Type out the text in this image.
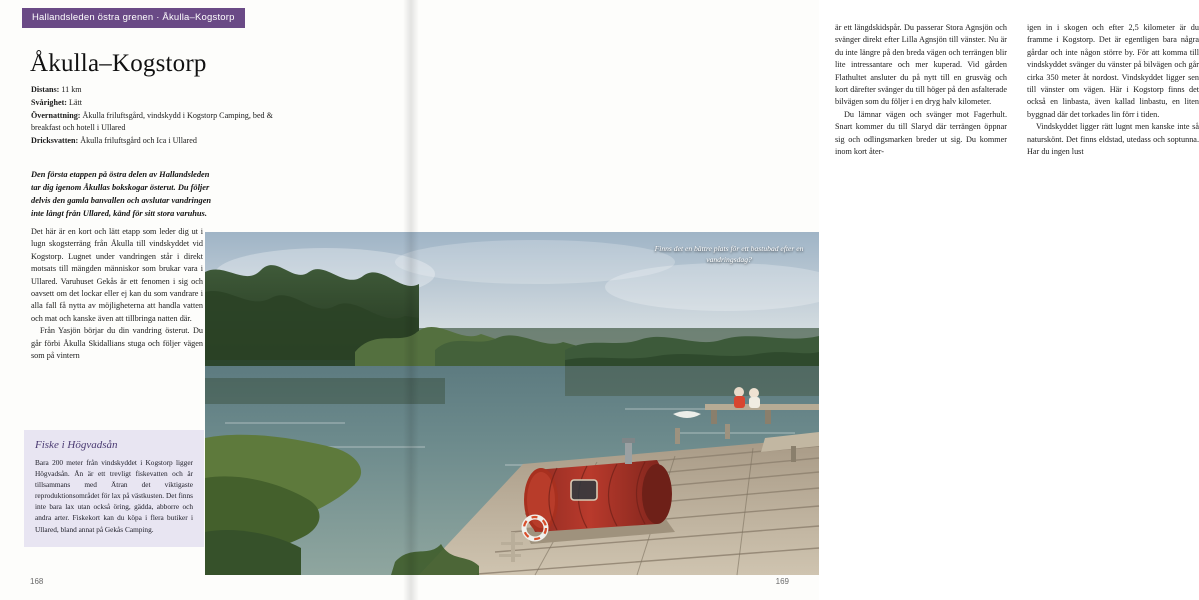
Hallandsleden östra grenen · Åkulla–Kogstorp
Åkulla–Kogstorp
Distans: 11 km
Svårighet: Lätt
Övernattning: Åkulla friluftsgård, vindskydd i Kogstorp Camping, bed & breakfast och hotell i Ullared
Dricksvatten: Åkulla friluftsgård och Ica i Ullared
Den första etappen på östra delen av Hallandsleden tar dig igenom Åkullas bokskogar österut. Du följer delvis den gamla banvallen och avslutar vandringen inte långt från Ullared, känd för sitt stora varuhus.

Det här är en kort och lätt etapp som leder dig ut i lugn skogsterräng från Åkulla till vindskyddet vid Kogstorp. Lugnet under vandringen står i direkt motsats till mängden människor som brukar vara i Ullared. Varuhuset Gekås är ett fenomen i sig och oavsett om det lockar eller ej kan du som vandrare i alla fall få nytta av möjligheterna att handla vatten och mat och kanske även att tillbringa natten där.

Från Yasjön börjar du din vandring österut. Du går förbi Åkulla Skidallians stuga och följer vägen som på vintern

Fiske i Högvadsån

Bara 200 meter från vindskyddet i Kogstorp ligger Högvadsån. Ån är ett trevligt fiskevatten och är tillsammans med Ätran det viktigaste reproduktionsområdet för lax på västkusten. Det finns inte bara lax utan också öring, gädda, abborre och andra arter. Fiskekort kan du köpa i flera butiker i Ullared, bland annat på Gekås Camping.

168

är ett längdskidspår. Du passerar Stora Agnsjön och svänger direkt efter Lilla Agnsjön till vänster. Nu är du inte längre på den breda vägen och terrängen blir lite intressantare och mer kuperad. Vid gården Flathultet ansluter du på nytt till en grusväg och kort därefter svänger du till höger på den asfalterade bilvägen som du följer i en dryg halv kilometer.

Du lämnar vägen och svänger mot Fagerhult. Snart kommer du till Slaryd där terrängen öppnar sig och odlingsmarken breder ut sig. Du kommer inom kort åter-

igen in i skogen och efter 2,5 kilometer är du framme i Kogstorp. Det är egentligen bara några gårdar och inte någon större by. För att komma till vindskyddet svänger du vänster på bilvägen och går cirka 350 meter åt nordost. Vindskyddet ligger sen till vänster om vägen. Här i Kogstorp finns det också en linbasta, även kallad linbastu, en liten byggnad där det torkades lin förr i tiden.

Vindskyddet ligger rätt lugnt men kanske inte så naturskönt. Det finns eldstad, utedass och soptunna. Har du ingen lust

169
Finns det en bättre plats för ett bastubad efter en vandringsdag?
